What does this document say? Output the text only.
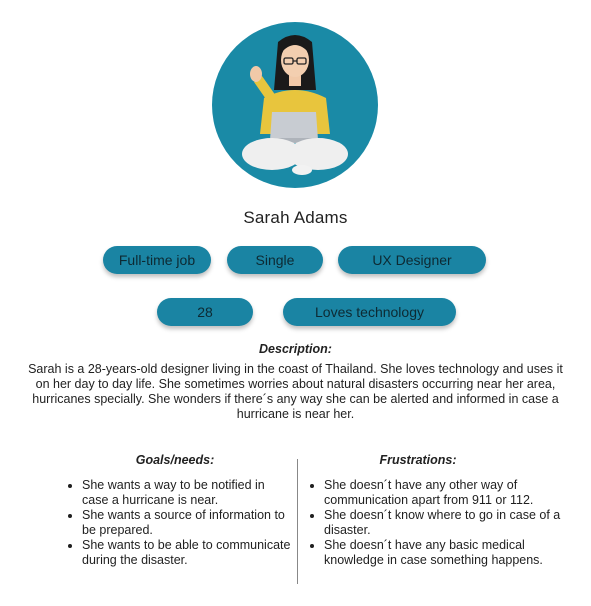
Sarah Adams
Full-time job	Single	UX Designer
28	Loves technology
Description:
Sarah is a 28-years-old designer living in the coast of Thailand. She loves technology and uses it on her day to day life. She sometimes worries about natural disasters occurring near her area, hurricanes specially. She wonders if there´s any way she can be alerted and informed in case a hurricane is near her.
Goals/needs:	Frustrations:
• She wants a way to be notified in case a hurricane is near.
• She wants a source of information to be prepared.
• She wants to be able to communicate during the disaster.
• She doesn´t have any other way of communication apart from 911 or 112.
• She doesn´t know where to go in case of a disaster.
• She doesn´t have any basic medical knowledge in case something happens.
